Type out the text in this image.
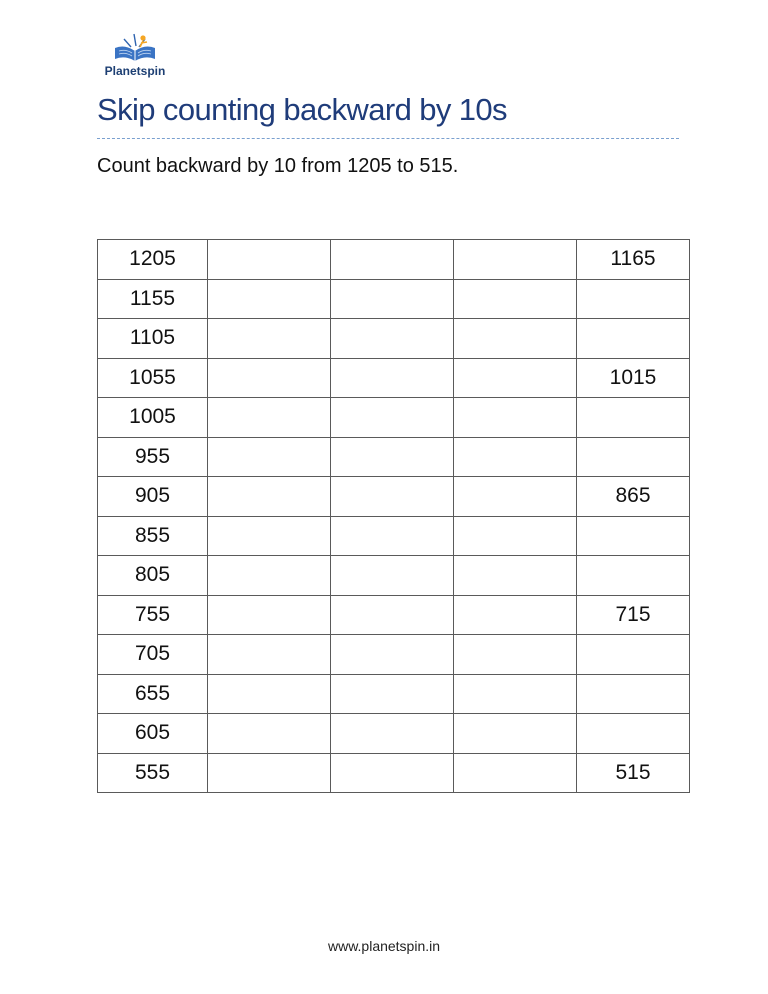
Planetspin
Skip counting backward by 10s
Count backward by 10 from 1205 to 515.
1205				1165
1155				
1105				
1055				1015
1005				
955				
905				865
855				
805				
755				715
705				
655				
605				
555				515
www.planetspin.in
